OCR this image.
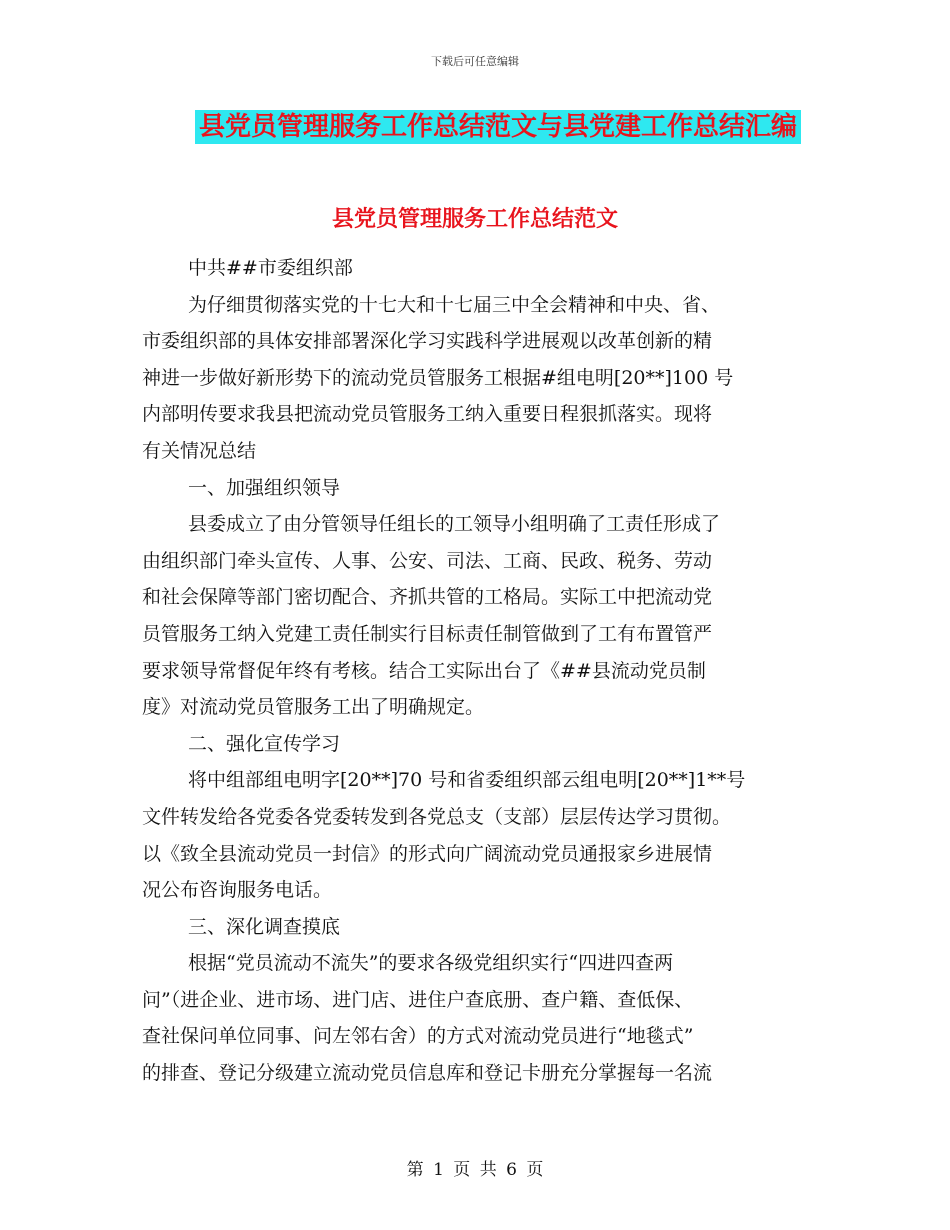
下载后可任意编辑
县党员管理服务工作总结范文与县党建工作总结汇编
县党员管理服务工作总结范文
中共##市委组织部
为仔细贯彻落实党的十七大和十七届三中全会精神和中央、省、
市委组织部的具体安排部署深化学习实践科学进展观以改革创新的精
神进一步做好新形势下的流动党员管服务工根据#组电明[20**]100 号
内部明传要求我县把流动党员管服务工纳入重要日程狠抓落实。现将
有关情况总结
一、加强组织领导
县委成立了由分管领导任组长的工领导小组明确了工责任形成了
由组织部门牵头宣传、人事、公安、司法、工商、民政、税务、劳动
和社会保障等部门密切配合、齐抓共管的工格局。实际工中把流动党
员管服务工纳入党建工责任制实行目标责任制管做到了工有布置管严
要求领导常督促年终有考核。结合工实际出台了《##县流动党员制
度》对流动党员管服务工出了明确规定。
二、强化宣传学习
将中组部组电明字[20**]70 号和省委组织部云组电明[20**]1**号
文件转发给各党委各党委转发到各党总支（支部）层层传达学习贯彻。
以《致全县流动党员一封信》的形式向广阔流动党员通报家乡进展情
况公布咨询服务电话。
三、深化调查摸底
根据“党员流动不流失”的要求各级党组织实行“四进四查两
问”（进企业、进市场、进门店、进住户查底册、查户籍、查低保、
查社保问单位同事、问左邻右舍）的方式对流动党员进行“地毯式”
的排查、登记分级建立流动党员信息库和登记卡册充分掌握每一名流
第 1 页 共 6 页
